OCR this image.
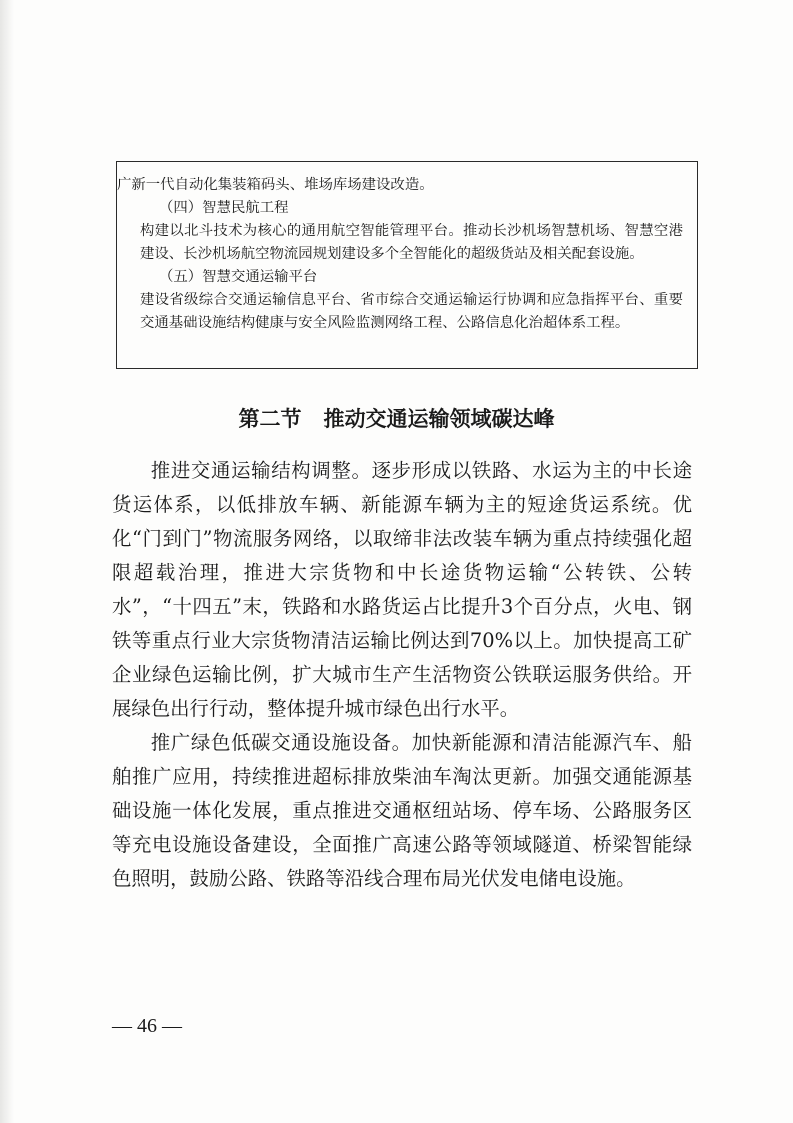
广新一代自动化集装箱码头、堆场库场建设改造。

（四）智慧民航工程

构建以北斗技术为核心的通用航空智能管理平台。推动长沙机场智慧机场、智慧空港建设、长沙机场航空物流园规划建设多个全智能化的超级货站及相关配套设施。

（五）智慧交通运输平台

建设省级综合交通运输信息平台、省市综合交通运输运行协调和应急指挥平台、重要交通基础设施结构健康与安全风险监测网络工程、公路信息化治超体系工程。

第二节 推动交通运输领域碳达峰

推进交通运输结构调整。逐步形成以铁路、水运为主的中长途货运体系，以低排放车辆、新能源车辆为主的短途货运系统。优化“门到门”物流服务网络，以取缔非法改装车辆为重点持续强化超限超载治理，推进大宗货物和中长途货物运输“公转铁、公转水”，“十四五”末，铁路和水路货运占比提升3个百分点，火电、钢铁等重点行业大宗货物清洁运输比例达到70%以上。加快提高工矿企业绿色运输比例，扩大城市生产生活物资公铁联运服务供给。开展绿色出行行动，整体提升城市绿色出行水平。

推广绿色低碳交通设施设备。加快新能源和清洁能源汽车、船舶推广应用，持续推进超标排放柴油车淘汰更新。加强交通能源基础设施一体化发展，重点推进交通枢纽站场、停车场、公路服务区等充电设施设备建设，全面推广高速公路等领域隧道、桥梁智能绿色照明，鼓励公路、铁路等沿线合理布局光伏发电储电设施。

— 46 —
